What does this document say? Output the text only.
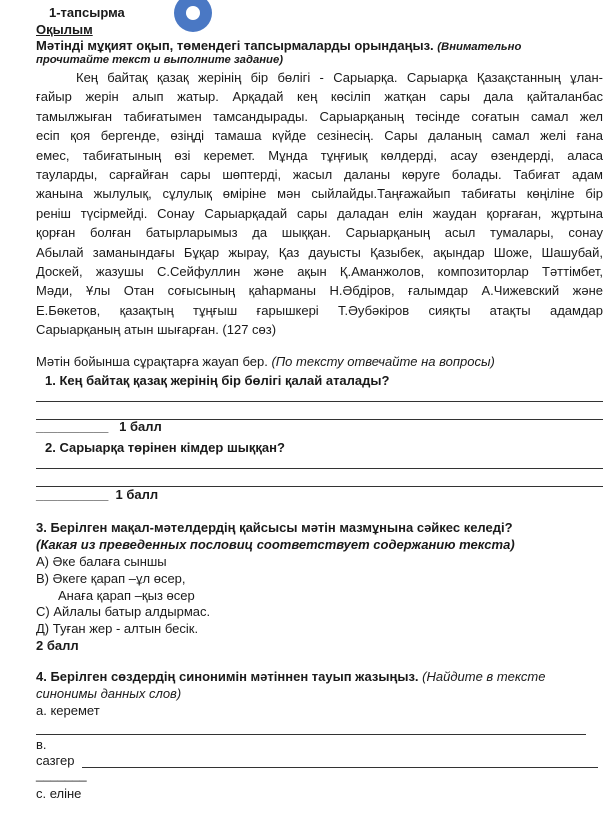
1-тапсырма
Оқылым
Мәтінді мұқият оқып, төмендегі тапсырмаларды орындаңыз. (Внимательно
прочитайте текст и выполните задание)
Кең байтақ қазақ жерінің бір бөлігі - Сарыарқа. Сарыарқа Қазақстанның ұлан-
ғайыр жерін алып жатыр. Арқадай кең көсіліп жатқан сары дала қайталанбас
тамылжыған табиғатымен тамсандырады. Сарыарқаның төсінде соғатын самал жел
есіп қоя бергенде, өзіңді тамаша күйде сезінесің. Сары даланың самал желі ғана
емес, табиғатының өзі керемет. Мұнда тұңғиық көлдерді, асау өзендерді, аласа
тауларды, сарғайған сары шөптерді, жасыл даланы көруге болады. Табиғат адам
жанына жылулық, сұлулық өміріне мән сыйлайды.Таңғажайып табиғаты көңіліне бір
реніш түсірмейді. Сонау Сарыарқадай сары даладан елін жаудан қорғаған, жұртына
қорған болған батырларымыз да шыққан. Сарыарқаның асыл тумалары, сонау
Абылай заманындағы Бұқар жырау, Қаз дауысты Қазыбек, ақындар Шоже, Шашубай,
Доскей, жазушы С.Сейфуллин және ақын Қ.Аманжолов, композиторлар Тәттімбет,
Мәди, Ұлы Отан соғысының қаһарманы Н.Әбдіров, ғалымдар А.Чижевский және
Е.Бөкетов, қазақтың тұңғыш ғарышкері Т.Әубәкіров сияқты атақты адамдар
Сарыарқаның атын шығарған. (127 сөз)
Мәтін бойынша сұрақтарға жауап бер. (По тексту отвечайте на вопросы)
1. Кең байтақ қазақ жерінің бір бөлігі қалай аталады?
__________ 1 балл
2. Сарыарқа төрінен кімдер шыққан?
__________ 1 балл
3. Берілген мақал-мәтелдердің қайсысы мәтін мазмұнына сәйкес келеді?
(Какая из преведенных пословиц соответствует содержанию текста)
А) Әке балаға сыншы
В) Әкеге қарап –ұл өсер,
Анаға қарап –қыз өсер
С) Айлалы батыр алдырмас.
Д) Туған жер - алтын бесік.
2 балл
4. Берілген сөздердің синонимін мәтіннен тауып жазыңыз. (Найдите в тексте
синонимы данных слов)
а. керемет
в.
сазгер
_______
с. еліне
